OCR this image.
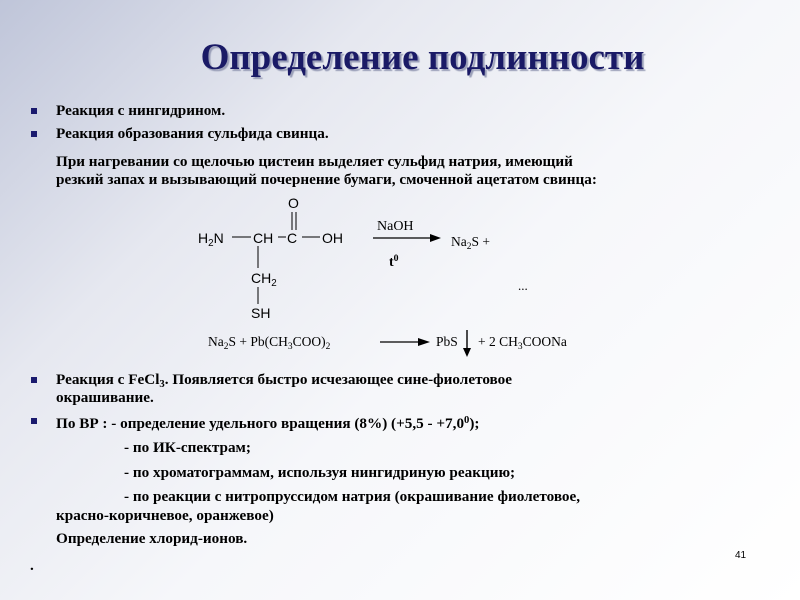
Определение подлинности
Реакция с нингидрином.
Реакция образования сульфида свинца.
При нагревании со щелочью цистеин выделяет сульфид натрия, имеющий
резкий запах и вызывающий почернение бумаги, смоченной ацетатом свинца:
O
$H_2N$ CH C OH
$CH_2$
SH
NaOH
$t^0$
$Na_2S$ +
...
$Na_2S + Pb(CH_3COO)_2$	PbS + 2 $CH_3COONa$
Реакция с FeCl$_3$. Появляется быстро исчезающее сине-фиолетовое
окрашивание.
По ВР : - определение удельного вращения (8%) $(+5,5 - +7,0^0)$;
- по ИК-спектрам;
- по хроматограммам, используя нингидриную реакцию;
- по реакции с нитропруссидом натрия (окрашивание фиолетовое,
красно-коричневое, оранжевое)
Определение хлорид-ионов.
.
41
